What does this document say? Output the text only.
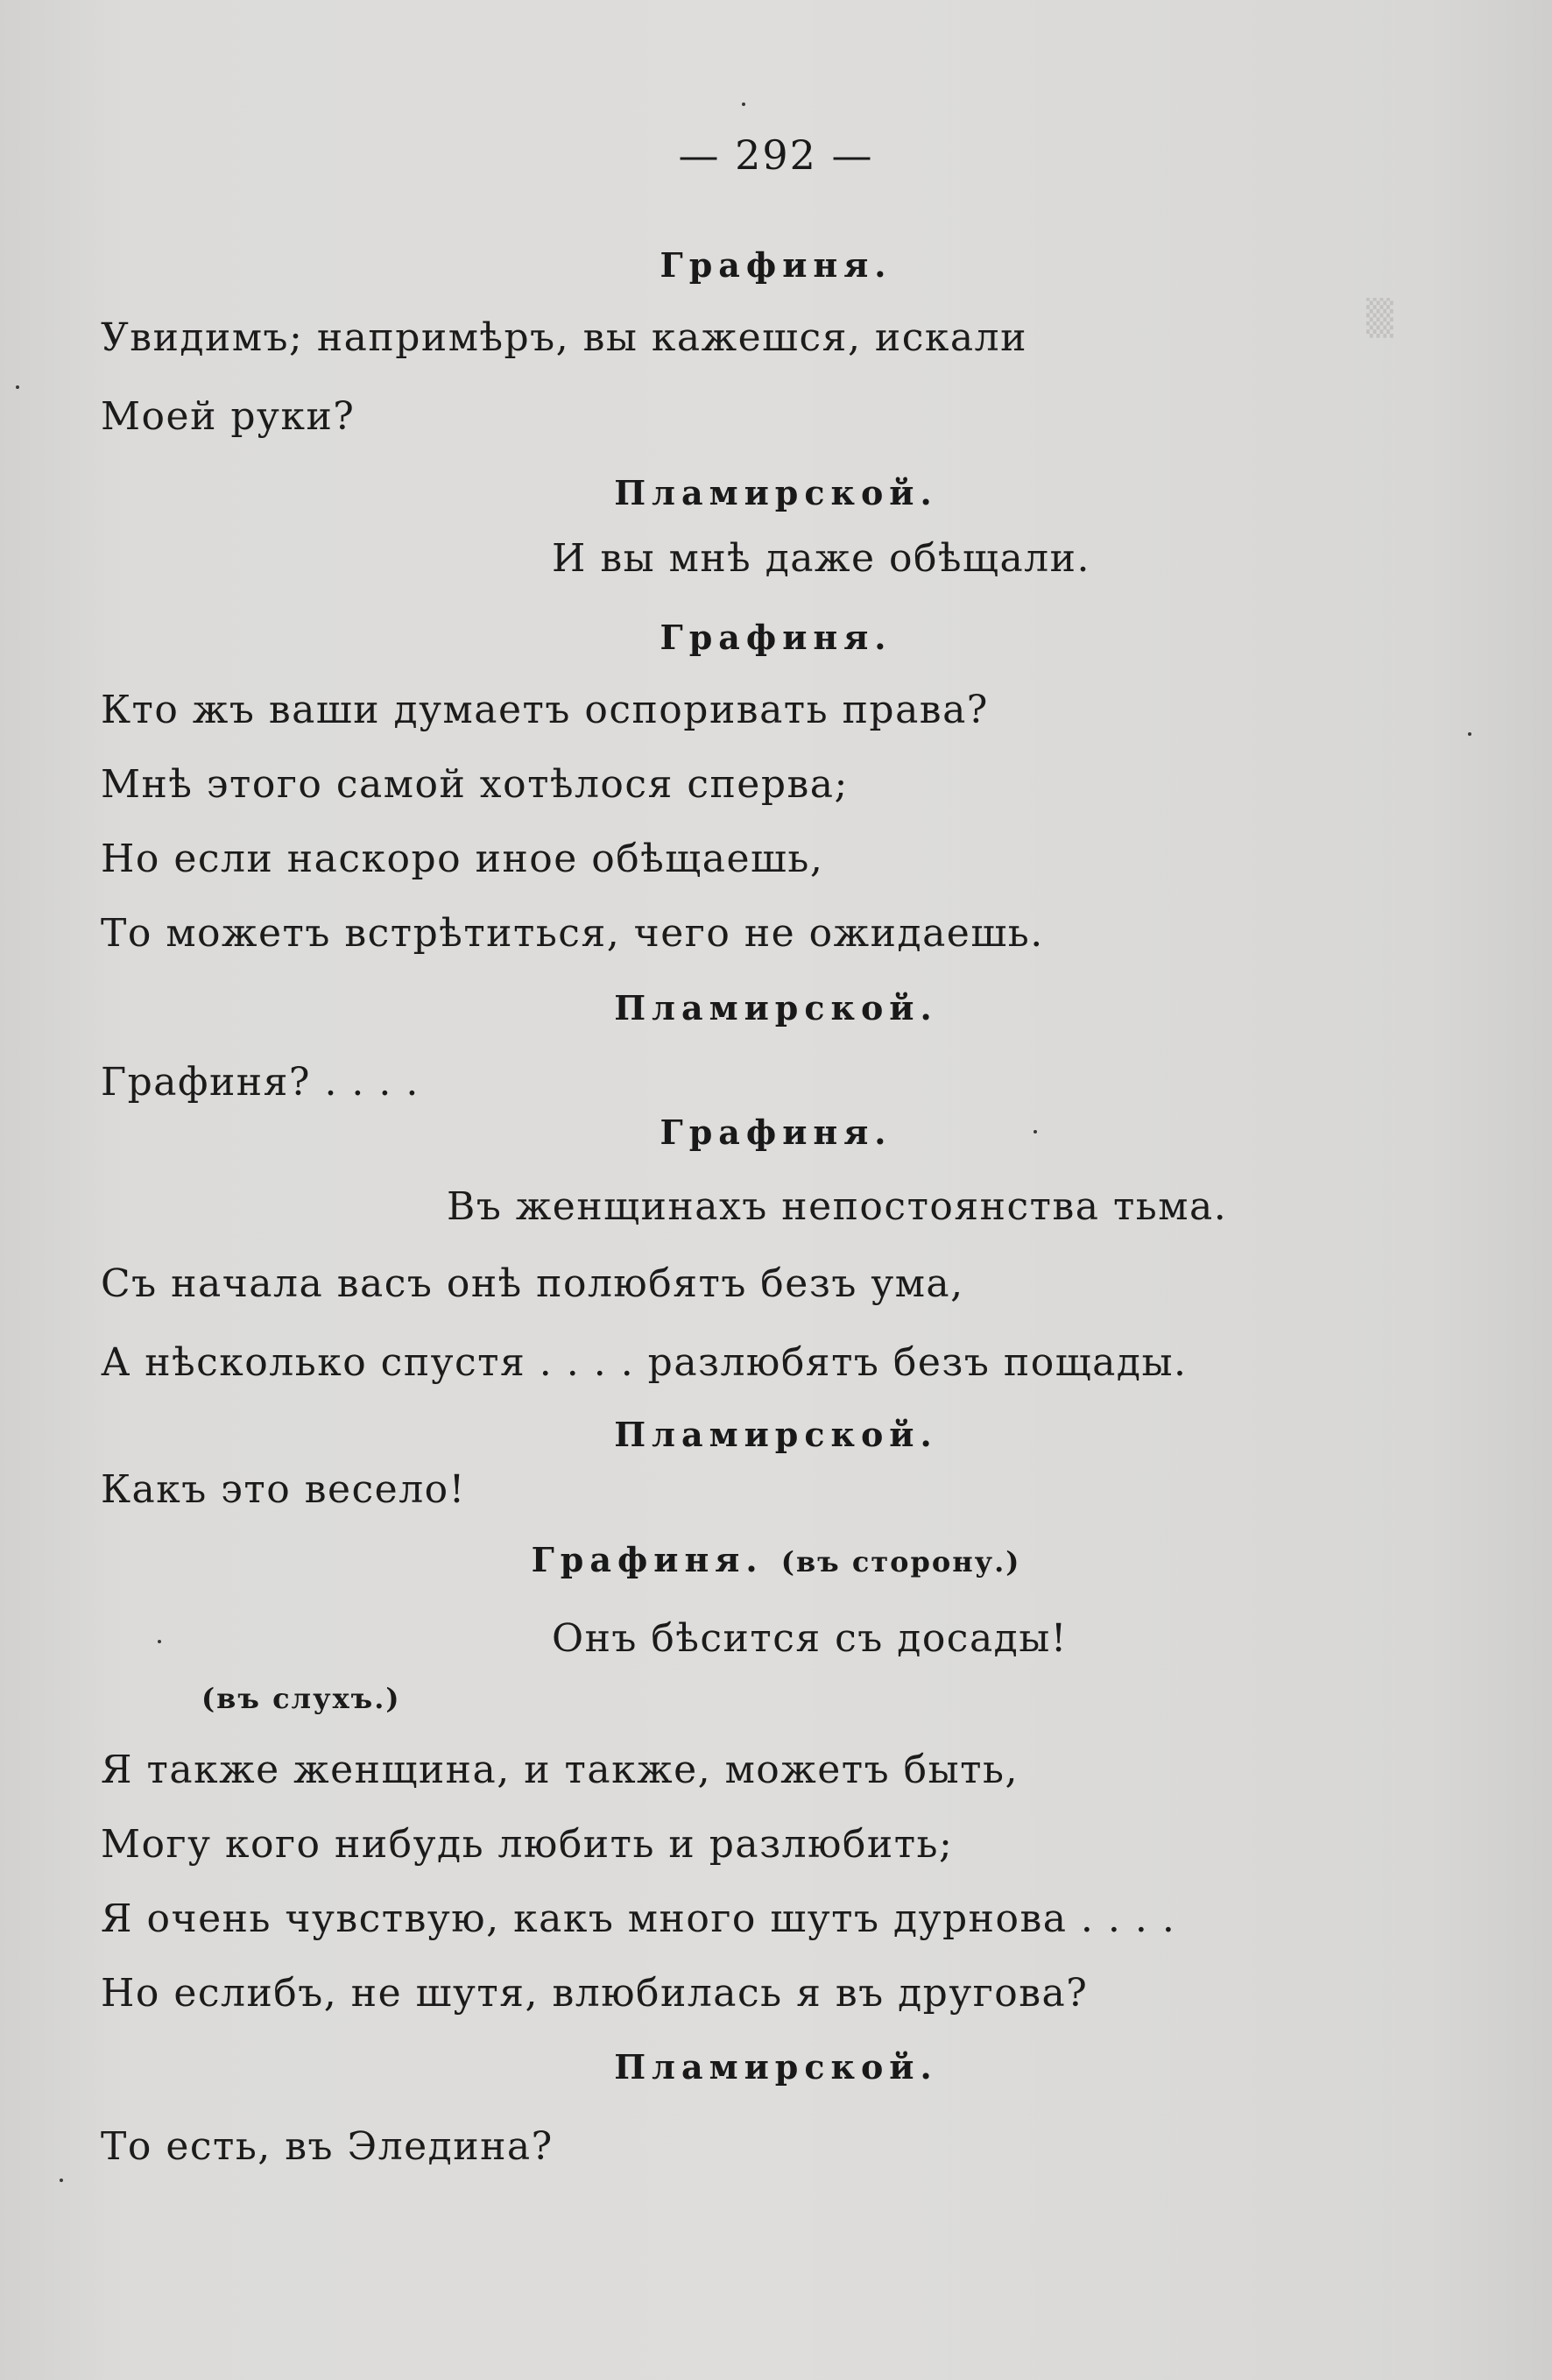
▒
— 292 —
Графиня.
Увидимъ; напримѣръ, вы кажешся, искали
Моей руки?
Пламирской.
И вы мнѣ даже обѣщали.
Графиня.
Кто жъ ваши думаетъ оспоривать права?
Мнѣ этого самой хотѣлося сперва;
Но если наскоро иное обѣщаешь,
То можетъ встрѣтиться, чего не ожидаешь.
Пламирской.
Графиня? . . . .
Графиня.
Въ женщинахъ непостоянства тьма.
Съ начала васъ онѣ полюбятъ безъ ума,
А нѣсколько спустя . . . . разлюбятъ безъ пощады.
Пламирской.
Какъ это весело!
Графиня. (въ сторону.)
Онъ бѣсится съ досады!
(въ слухъ.)
Я также женщина, и также, можетъ быть,
Могу кого нибудь любить и разлюбить;
Я очень чувствую, какъ много шутъ дурнова . . . .
Но еслибъ, не шутя, влюбилась я въ другова?
Пламирской.
То есть, въ Эледина?
